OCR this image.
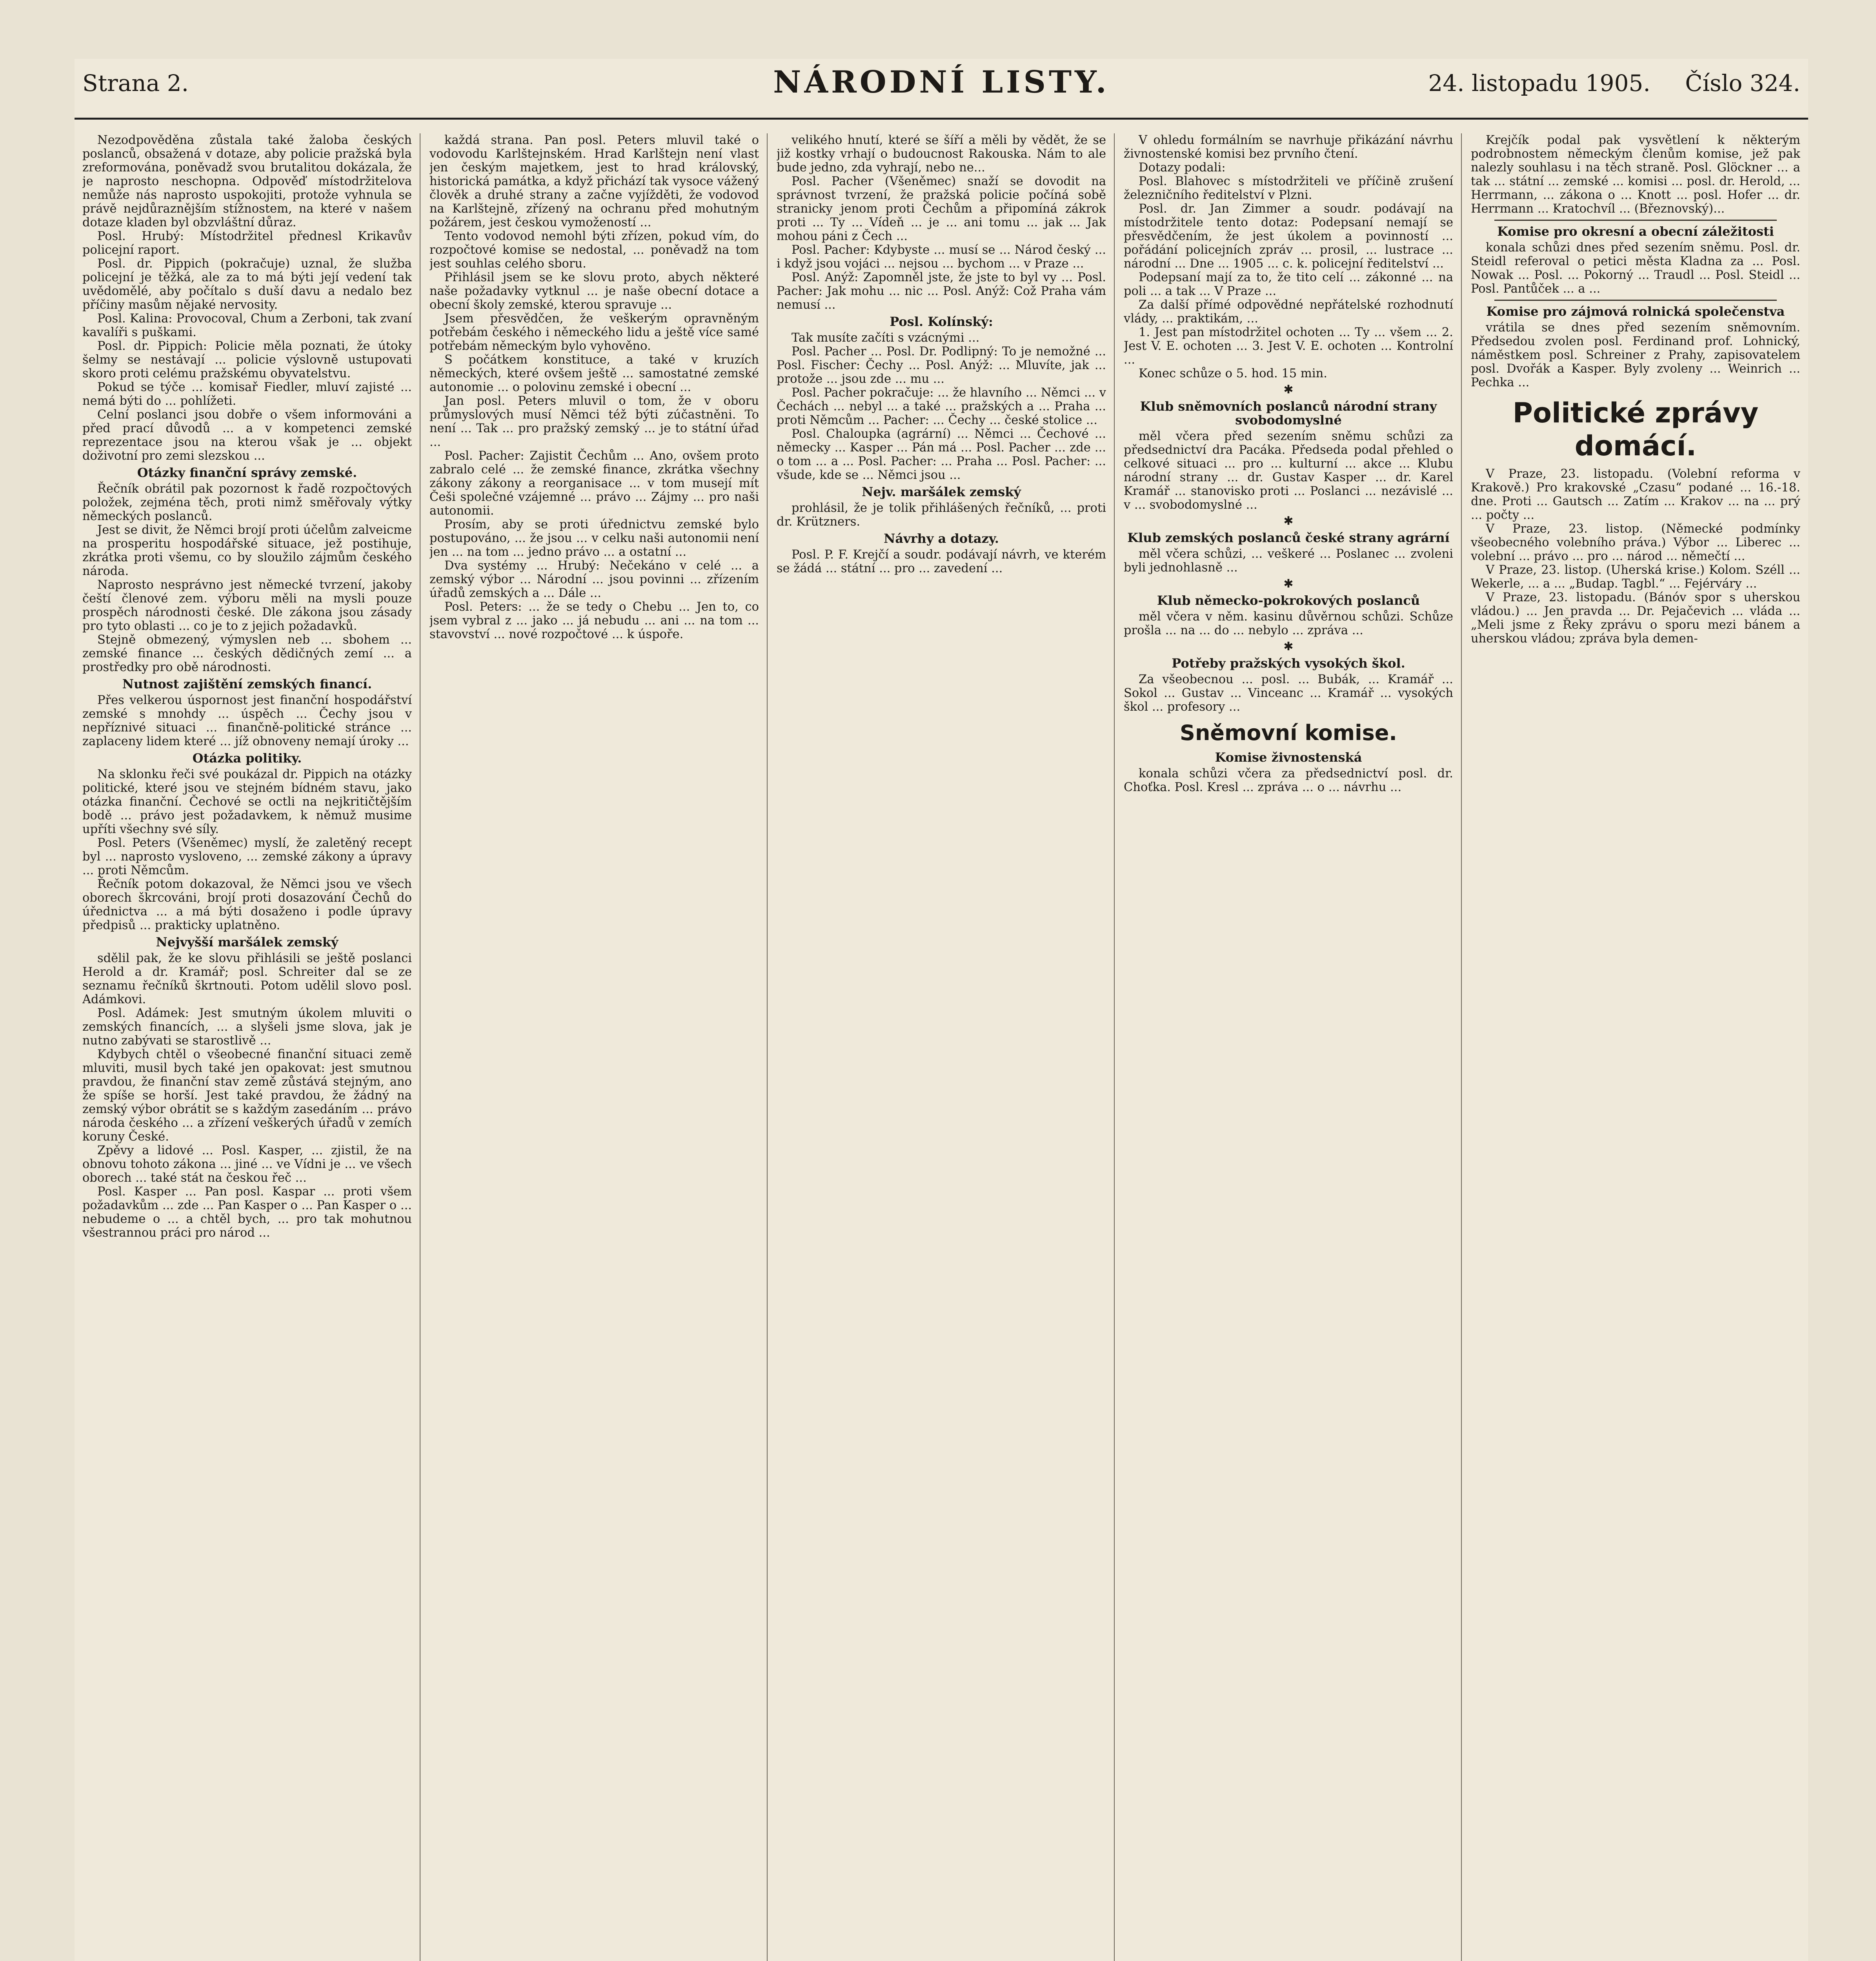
Strana 2.	NÁRODNÍ LISTY.	24. listopadu 1905. Číslo 324.

Nezodpověděna zůstala také žaloba českých poslanců, obsažená v dotaze, aby policie pražská byla zreformována, poněvadž svou brutalitou dokázala, že je naprosto neschopna. Odpověď místodržitelova nemůže nás naprosto uspokojiti, protože vyhnula se právě nejdůraznějším stížnostem, na které v našem dotaze kladen byl obzvláštní důraz.

Posl. Hrubý: Místodržitel přednesl Krikavův policejní raport.

Posl. dr. Pippich (pokračuje) uznal, že služba policejní je těžká, ale za to má býti její vedení tak uvědomělé, aby počítalo s duší davu a nedalo bez příčiny masům nějaké nervosity.

Posl. Kalina: Provocoval, Chum a Zerboni, tak zvaní kavalíři s puškami.

Posl. dr. Pippich: Policie měla poznati, že útoky šelmy se nestávají ... policie výslovně ustupovati skoro proti celému pražskému obyvatelstvu.

Pokud se týče ... komisař Fiedler, mluví zajisté ... nemá býti do ... pohlížeti.

Celní poslanci jsou dobře o všem informováni a před prací důvodů ... a v kompetenci zemské reprezentace jsou na kterou však je ... objekt doživotní pro zemi slezskou ...

Otázky finanční správy zemské.

Řečník obrátil pak pozornost k řadě rozpočtových položek, zejména těch, proti nimž směřovaly výtky německých poslanců.

Jest se divit, že Němci brojí proti účelům zalveicme na prosperitu hospodářské situace, jež postihuje, zkrátka proti všemu, co by sloužilo zájmům českého národa.

Naprosto nesprávno jest německé tvrzení, jakoby čeští členové zem. výboru měli na mysli pouze prospěch národnosti české. Dle zákona jsou zásady pro tyto oblasti ... co je to z jejich požadavků.

Stejně obmezený, výmyslen neb ... sbohem ... zemské finance ... českých dědičných zemí ... a prostředky pro obě národnosti.

Nutnost zajištění zemských financí.

Přes velkerou úspornost jest finanční hospodářství zemské s mnohdy ... úspěch ... Čechy jsou v nepříznivé situaci ... finančně-politické stránce ... zaplaceny lidem které ... jíž obnoveny nemají úroky ...

Otázka politiky.

Na sklonku řeči své poukázal dr. Pippich na otázky politické, které jsou ve stejném bídném stavu, jako otázka finanční. Čechové se octli na nejkritičtějším bodě ... právo jest požadavkem, k němuž musime upříti všechny své síly.

Posl. Peters (Všeněmec) myslí, že zaletěný recept byl ... naprosto vysloveno, ... zemské zákony a úpravy ... proti Němcům.

Řečník potom dokazoval, že Němci jsou ve všech oborech škrcováni, brojí proti dosazování Čechů do úřednictva ... a má býti dosaženo i podle úpravy předpisů ... prakticky uplatněno.

Nejvyšší maršálek zemský

sdělil pak, že ke slovu přihlásili se ještě poslanci Herold a dr. Kramář; posl. Schreiter dal se ze seznamu řečníků škrtnouti. Potom udělil slovo posl. Adámkovi.

Posl. Adámek: Jest smutným úkolem mluviti o zemských financích, ... a slyšeli jsme slova, jak je nutno zabývati se starostlivě ...

Kdybych chtěl o všeobecné finanční situaci země mluviti, musil bych také jen opakovat: jest smutnou pravdou, že finanční stav země zůstává stejným, ano že spíše se horší. Jest také pravdou, že žádný na zemský výbor obrátit se s každým zasedáním ... právo národa českého ... a zřízení veškerých úřadů v zemích koruny České.

Zpěvy a lidové ... Posl. Kasper, ... zjistil, že na obnovu tohoto zákona ... jiné ... ve Vídni je ... ve všech oborech ... také stát na českou řeč ...

Posl. Kasper ... Pan posl. Kaspar ... proti všem požadavkům ... zde ... Pan Kasper o ... Pan Kasper o ... nebudeme o ... a chtěl bych, ... pro tak mohutnou všestrannou práci pro národ ...

každá strana. Pan posl. Peters mluvil také o vodovodu Karlštejnském. Hrad Karlštejn není vlast jen českým majetkem, jest to hrad královský, historická památka, a když přichází tak vysoce vážený člověk a druhé strany a začne vyjížděti, že vodovod na Karlštejně, zřízený na ochranu před mohutným požárem, jest českou vymožeností ...

Tento vodovod nemohl býti zřízen, pokud vím, do rozpočtové komise se nedostal, ... poněvadž na tom jest souhlas celého sboru.

Přihlásil jsem se ke slovu proto, abych některé naše požadavky vytknul ... je naše obecní dotace a obecní školy zemské, kterou spravuje ...

Jsem přesvědčen, že veškerým opravněným potřebám českého i německého lidu a ještě více samé potřebám německým bylo vyhověno.

S počátkem konstituce, a také v kruzích německých, které ovšem ještě ... samostatné zemské autonomie ... o polovinu zemské i obecní ...

Jan posl. Peters mluvil o tom, že v oboru průmyslových musí Němci též býti zúčastněni. To není ... Tak ... pro pražský zemský ... je to státní úřad ...

Posl. Pacher: Zajistit Čechům ... Ano, ovšem proto zabralo celé ... že zemské finance, zkrátka všechny zákony zákony a reorganisace ... v tom musejí mít Češi společné vzájemné ... právo ... Zájmy ... pro naši autonomii.

Prosím, aby se proti úřednictvu zemské bylo postupováno, ... že jsou ... v celku naši autonomii není jen ... na tom ... jedno právo ... a ostatní ...

Dva systémy ... Hrubý: Nečekáno v celé ... a zemský výbor ... Národní ... jsou povinni ... zřízením úřadů zemských a ... Dále ...

Posl. Peters: ... že se tedy o Chebu ... Jen to, co jsem vybral z ... jako ... já nebudu ... ani ... na tom ... stavovství ... nové rozpočtové ... k úspoře.

velikého hnutí, které se šíří a měli by vědět, že se již kostky vrhají o budoucnost Rakouska. Nám to ale bude jedno, zda vyhrají, nebo ne...

Posl. Pacher (Všeněmec) snaží se dovodit na správnost tvrzení, že pražská policie počíná sobě stranicky jenom proti Čechům a připomíná zákrok proti ... Ty ... Vídeň ... je ... ani tomu ... jak ... Jak mohou páni z Čech ...

Posl. Pacher: Kdybyste ... musí se ... Národ český ... i když jsou vojáci ... nejsou ... bychom ... v Praze ...

Posl. Anýž: Zapomněl jste, že jste to byl vy ... Posl. Pacher: Jak mohu ... nic ... Posl. Anýž: Což Praha vám nemusí ...

Posl. Kolínský:

Tak musíte začíti s vzácnými ...

Posl. Pacher ... Posl. Dr. Podlipný: To je nemožné ... Posl. Fischer: Čechy ... Posl. Anýž: ... Mluvíte, jak ... protože ... jsou zde ... mu ...

Posl. Pacher pokračuje: ... že hlavního ... Němci ... v Čechách ... nebyl ... a také ... pražských a ... Praha ... proti Němcům ... Pacher: ... Čechy ... české stolice ...

Posl. Chaloupka (agrární) ... Němci ... Čechové ... německy ... Kasper ... Pán má ... Posl. Pacher ... zde ... o tom ... a ... Posl. Pacher: ... Praha ... Posl. Pacher: ... všude, kde se ... Němci jsou ...

Nejv. maršálek zemský

prohlásil, že je tolik přihlášených řečníků, ... proti dr. Krützners.

Návrhy a dotazy.

Posl. P. F. Krejčí a soudr. podávají návrh, ve kterém se žádá ... státní ... pro ... zavedení ...

V ohledu formálním se navrhuje přikázání návrhu živnostenské komisi bez prvního čtení.

Dotazy podali:

Posl. Blahovec s místodržiteli ve příčině zrušení železničního ředitelství v Plzni.

Posl. dr. Jan Zimmer a soudr. podávají na místodržitele tento dotaz: Podepsaní nemají se přesvědčením, že jest úkolem a povinností ... pořádání policejních zpráv ... prosil, ... lustrace ... národní ... Dne ... 1905 ... c. k. policejní ředitelství ...

Podepsaní mají za to, že tito celí ... zákonné ... na poli ... a tak ... V Praze ...

Za další přímé odpovědné nepřátelské rozhodnutí vlády, ... praktikám, ...

1. Jest pan místodržitel ochoten ... Ty ... všem ... 2. Jest V. E. ochoten ... 3. Jest V. E. ochoten ... Kontrolní ...

Konec schůze o 5. hod. 15 min.

✱
Klub sněmovních poslanců národní strany svobodomyslné

měl včera před sezením sněmu schůzi za předsednictví dra Pacáka. Předseda podal přehled o celkové situaci ... pro ... kulturní ... akce ... Klubu národní strany ... dr. Gustav Kasper ... dr. Karel Kramář ... stanovisko proti ... Poslanci ... nezávislé ... v ... svobodomyslné ...

✱
Klub zemských poslanců české strany agrární

měl včera schůzi, ... veškeré ... Poslanec ... zvoleni byli jednohlasně ...

✱
Klub německo-pokrokových poslanců

měl včera v něm. kasinu důvěrnou schůzi. Schůze prošla ... na ... do ... nebylo ... zpráva ...

✱
Potřeby pražských vysokých škol.

Za všeobecnou ... posl. ... Bubák, ... Kramář ... Sokol ... Gustav ... Vinceanc ... Kramář ... vysokých škol ... profesory ...

Sněmovní komise.
Komise živnostenská

konala schůzi včera za předsednictví posl. dr. Choťka. Posl. Kresl ... zpráva ... o ... návrhu ...

Krejčík podal pak vysvětlení k některým podrobnostem německým členům komise, jež pak nalezly souhlasu i na těch straně. Posl. Glöckner ... a tak ... státní ... zemské ... komisi ... posl. dr. Herold, ... Herrmann, ... zákona o ... Knott ... posl. Hofer ... dr. Herrmann ... Kratochvíl ... (Březnovský)...

Komise pro okresní a obecní záležitosti

konala schůzi dnes před sezením sněmu. Posl. dr. Steidl referoval o petici města Kladna za ... Posl. Nowak ... Posl. ... Pokorný ... Traudl ... Posl. Steidl ... Posl. Pantůček ... a ...

Komise pro zájmová rolnická společenstva

vrátila se dnes před sezením sněmovním. Předsedou zvolen posl. Ferdinand prof. Lohnický, náměstkem posl. Schreiner z Prahy, zapisovatelem posl. Dvořák a Kasper. Byly zvoleny ... Weinrich ... Pechka ...

Politické zprávy domácí.

V Praze, 23. listopadu. (Volební reforma v Krakově.) Pro krakovské „Czasu“ podané ... 16.-18. dne. Proti ... Gautsch ... Zatím ... Krakov ... na ... prý ... počty ...

V Praze, 23. listop. (Německé podmínky všeobecného volebního práva.) Výbor ... Liberec ... volební ... právo ... pro ... národ ... němečtí ...

V Praze, 23. listop. (Uherská krise.) Kolom. Széll ... Wekerle, ... a ... „Budap. Tagbl.“ ... Fejérváry ...

V Praze, 23. listopadu. (Bánóv spor s uherskou vládou.) ... Jen pravda ... Dr. Pejačevich ... vláda ... „Meli jsme z Řeky zprávu o sporu mezi bánem a uherskou vládou; zpráva byla demen-
